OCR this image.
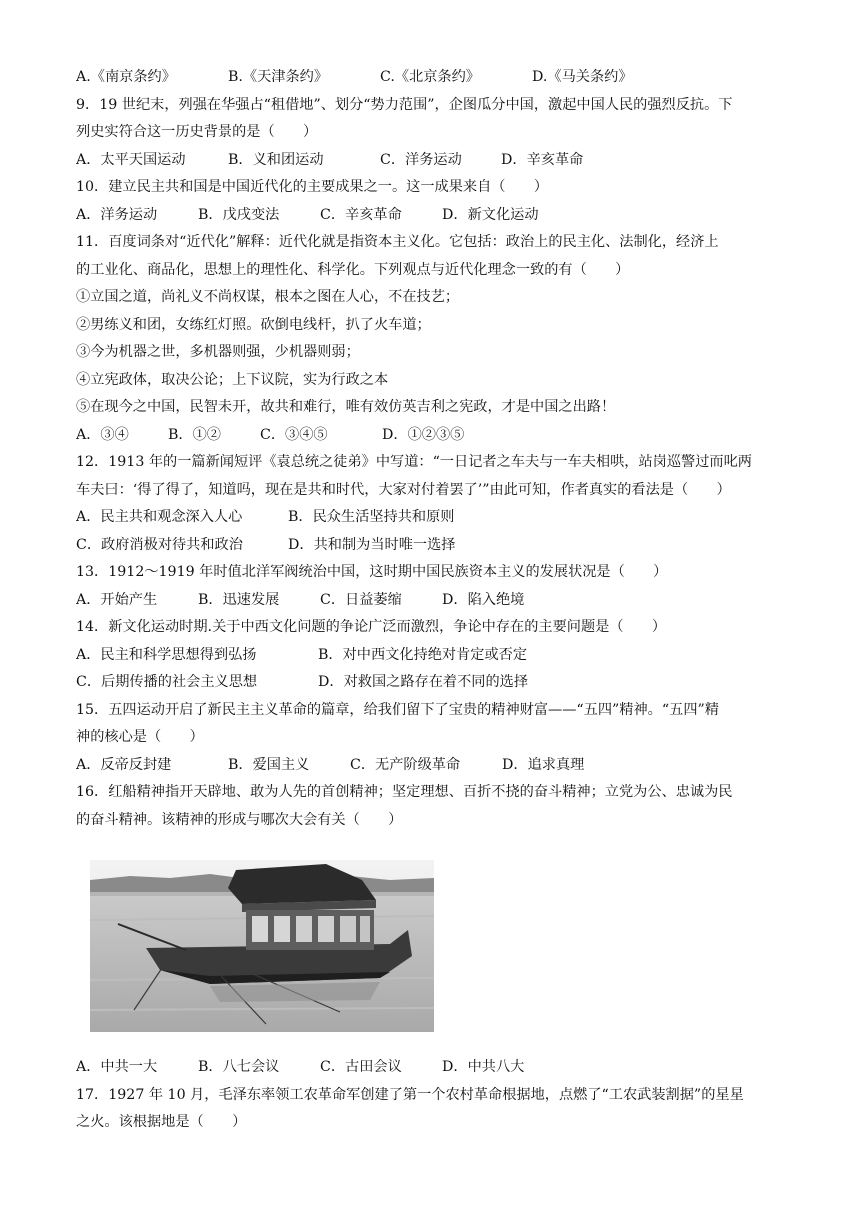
A.《南京条约》	B.《天津条约》	C.《北京条约》	D.《马关条约》
9．19 世纪末，列强在华强占“租借地”、划分“势力范围”，企图瓜分中国，激起中国人民的强烈反抗。下
列史实符合这一历史背景的是（　　）
A．太平天国运动	B．义和团运动	C．洋务运动	D．辛亥革命
10．建立民主共和国是中国近代化的主要成果之一。这一成果来自（　　）
A．洋务运动	B．戊戌变法	C．辛亥革命	D．新文化运动
11．百度词条对“近代化”解释：近代化就是指资本主义化。它包括：政治上的民主化、法制化，经济上
的工业化、商品化，思想上的理性化、科学化。下列观点与近代化理念一致的有（　　）
①立国之道，尚礼义不尚权谋，根本之图在人心，不在技艺；
②男练义和团，女练红灯照。砍倒电线杆，扒了火车道；
③今为机器之世，多机器则强，少机器则弱；
④立宪政体，取决公论；上下议院，实为行政之本
⑤在现今之中国，民智未开，故共和难行，唯有效仿英吉利之宪政，才是中国之出路！
A．③④	B．①②	C．③④⑤	D．①②③⑤
12．1913 年的一篇新闻短评《袁总统之徒弟》中写道：“一日记者之车夫与一车夫相哄，站岗巡警过而叱两
车夫曰：‘得了得了，知道吗，现在是共和时代，大家对付着罢了’”由此可知，作者真实的看法是（　　）
A．民主共和观念深入人心	B．民众生活坚持共和原则
C．政府消极对待共和政治	D．共和制为当时唯一选择
13．1912～1919 年时值北洋军阀统治中国，这时期中国民族资本主义的发展状况是（　　）
A．开始产生	B．迅速发展	C．日益萎缩	D．陷入绝境
14．新文化运动时期.关于中西文化问题的争论广泛而激烈，争论中存在的主要问题是（　　）
A．民主和科学思想得到弘扬	B．对中西文化持绝对肯定或否定
C．后期传播的社会主义思想	D．对救国之路存在着不同的选择
15．五四运动开启了新民主主义革命的篇章，给我们留下了宝贵的精神财富——“五四”精神。“五四”精
神的核心是（　　）
A．反帝反封建	B．爱国主义	C．无产阶级革命	D．追求真理
16．红船精神指开天辟地、敢为人先的首创精神；坚定理想、百折不挠的奋斗精神；立党为公、忠诚为民
的奋斗精神。该精神的形成与哪次大会有关（　　）
A．中共一大	B．八七会议	C．古田会议	D．中共八大
17．1927 年 10 月，毛泽东率领工农革命军创建了第一个农村革命根据地，点燃了“工农武装割据”的星星
之火。该根据地是（　　）
